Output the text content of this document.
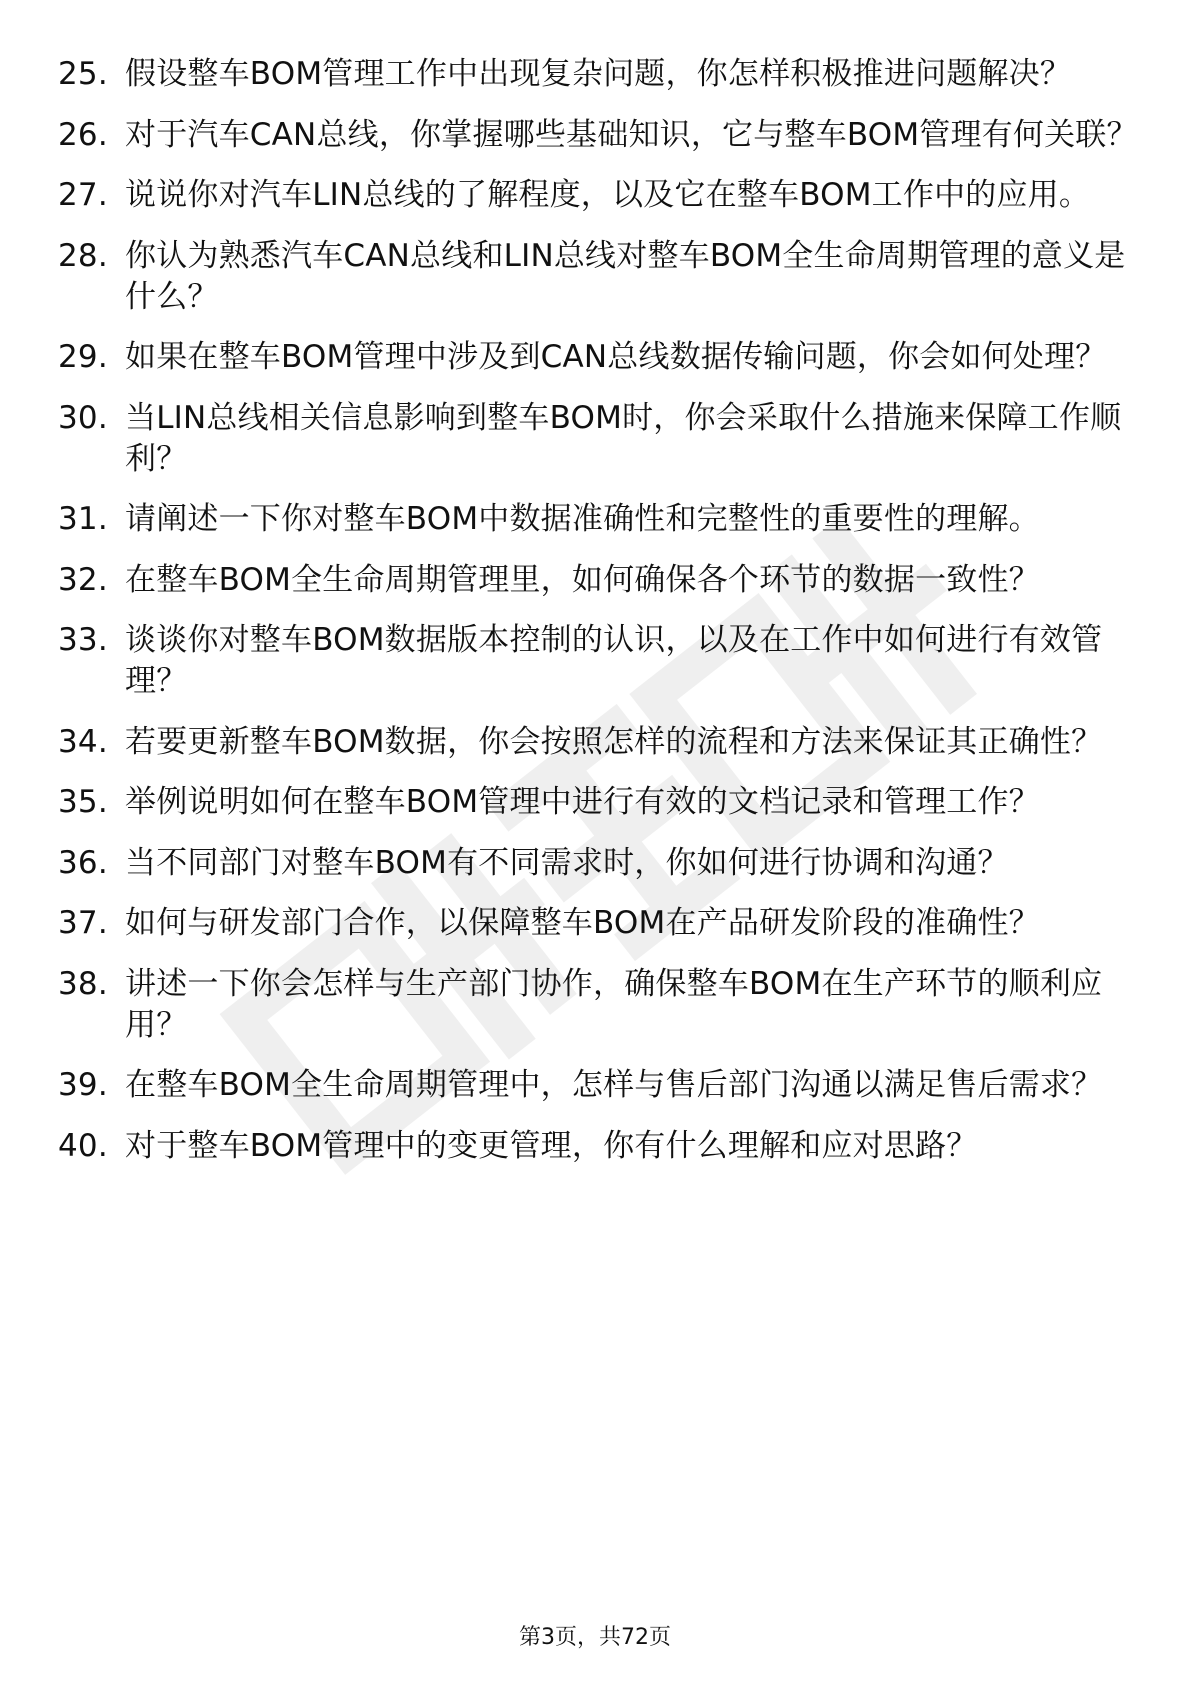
25. 假设整车BOM管理工作中出现复杂问题，你怎样积极推进问题解决？
26. 对于汽车CAN总线，你掌握哪些基础知识，它与整车BOM管理有何关联？
27. 说说你对汽车LIN总线的了解程度，以及它在整车BOM工作中的应用。
28. 你认为熟悉汽车CAN总线和LIN总线对整车BOM全生命周期管理的意义是什么？
29. 如果在整车BOM管理中涉及到CAN总线数据传输问题，你会如何处理？
30. 当LIN总线相关信息影响到整车BOM时，你会采取什么措施来保障工作顺利？
31. 请阐述一下你对整车BOM中数据准确性和完整性的重要性的理解。
32. 在整车BOM全生命周期管理里，如何确保各个环节的数据一致性？
33. 谈谈你对整车BOM数据版本控制的认识，以及在工作中如何进行有效管理？
34. 若要更新整车BOM数据，你会按照怎样的流程和方法来保证其正确性？
35. 举例说明如何在整车BOM管理中进行有效的文档记录和管理工作？
36. 当不同部门对整车BOM有不同需求时，你如何进行协调和沟通？
37. 如何与研发部门合作，以保障整车BOM在产品研发阶段的准确性？
38. 讲述一下你会怎样与生产部门协作，确保整车BOM在生产环节的顺利应用？
39. 在整车BOM全生命周期管理中，怎样与售后部门沟通以满足售后需求？
40. 对于整车BOM管理中的变更管理，你有什么理解和应对思路？
第3页，共72页
